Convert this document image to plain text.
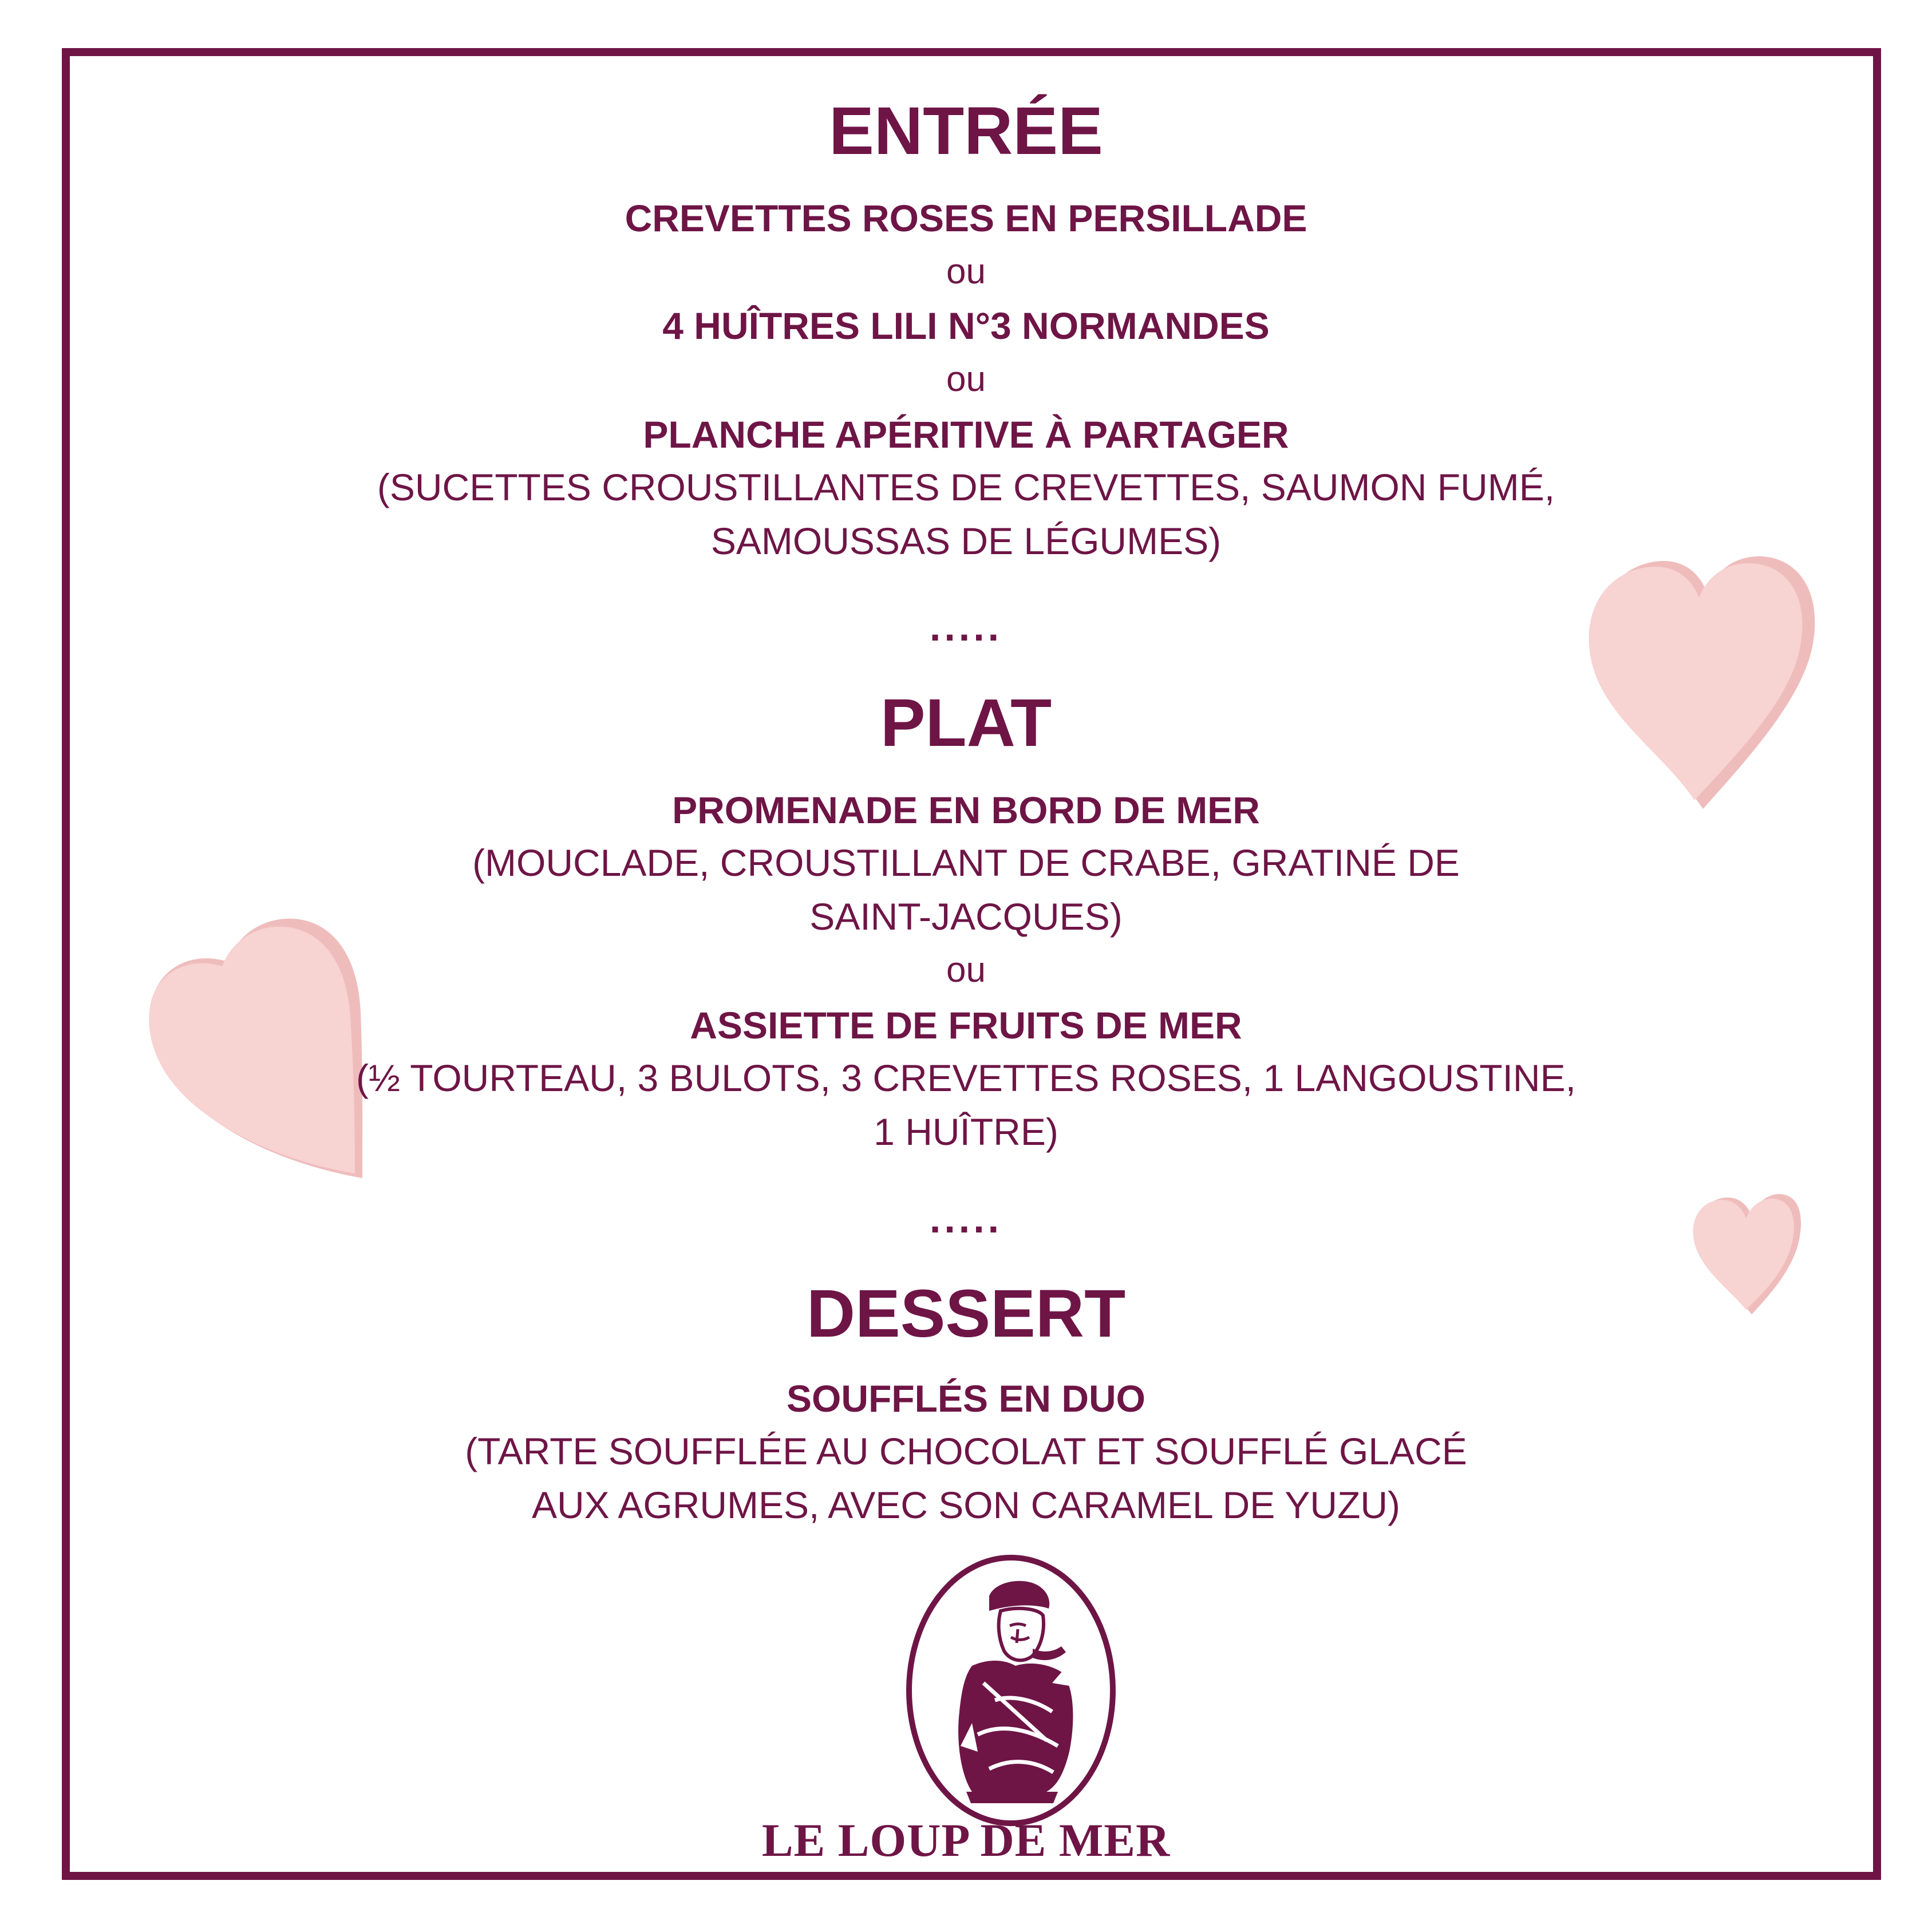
ENTRÉE
CREVETTES ROSES EN PERSILLADE
ou
4 HUÎTRES LILI N°3 NORMANDES
ou
PLANCHE APÉRITIVE À PARTAGER
(SUCETTES CROUSTILLANTES DE CREVETTES, SAUMON FUMÉ,
SAMOUSSAS DE LÉGUMES)
.....
PLAT
PROMENADE EN BORD DE MER
(MOUCLADE, CROUSTILLANT DE CRABE, GRATINÉ DE
SAINT-JACQUES)
ou
ASSIETTE DE FRUITS DE MER
(½ TOURTEAU, 3 BULOTS, 3 CREVETTES ROSES, 1 LANGOUSTINE,
1 HUÎTRE)
.....
DESSERT
SOUFFLÉS EN DUO
(TARTE SOUFFLÉE AU CHOCOLAT ET SOUFFLÉ GLACÉ
AUX AGRUMES, AVEC SON CARAMEL DE YUZU)
LE LOUP DE MER
